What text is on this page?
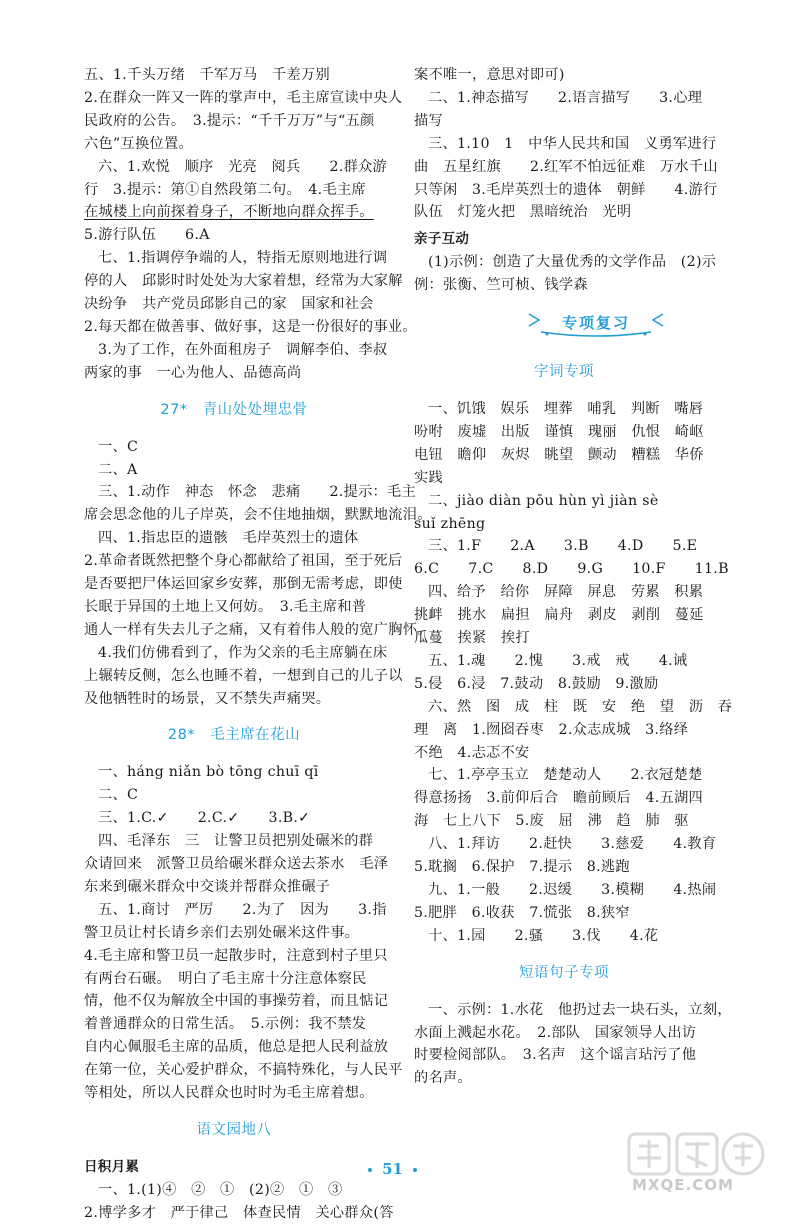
五、1.千头万绪　千军万马　千差万别
2.在群众一阵又一阵的掌声中，毛主席宣读中央人
民政府的公告。　3.提示：“千千万万”与“五颜
六色”互换位置。
六、1.欢悦　顺序　光亮　阅兵　　2.群众游
行　3.提示：第①自然段第二句。　4.毛主席
在城楼上向前探着身子，不断地向群众挥手。
5.游行队伍　　6.A
七、1.指调停争端的人，特指无原则地进行调
停的人　邱影时时处处为大家着想，经常为大家解
决纷争　共产党员邱影自己的家　国家和社会
2.每天都在做善事、做好事，这是一份很好的事业。
3.为了工作，在外面租房子　调解李伯、李叔
两家的事　一心为他人、品德高尚
27*　青山处处埋忠骨
一、C
二、A
三、1.动作　神态　怀念　悲痛　　2.提示：毛主
席会思念他的儿子岸英，会不住地抽烟，默默地流泪。
四、1.指忠臣的遗骸　毛岸英烈士的遗体
2.革命者既然把整个身心都献给了祖国，至于死后
是否要把尸体运回家乡安葬，那倒无需考虑，即使
长眠于异国的土地上又何妨。　3.毛主席和普
通人一样有失去儿子之痛，又有着伟人般的宽广胸怀。
4.我们仿佛看到了，作为父亲的毛主席躺在床
上辗转反侧，怎么也睡不着，一想到自己的儿子以
及他牺牲时的场景，又不禁失声痛哭。
28*　毛主席在花山
一、háng niǎn bò tōng chuī qī
二、C
三、1.C.✓　　2.C.✓　　3.B.✓
四、毛泽东　三　让警卫员把别处碾米的群
众请回来　派警卫员给碾米群众送去茶水　毛泽
东来到碾米群众中交谈并帮群众推碾子
五、1.商讨　严厉　　2.为了　因为　　3.指
警卫员让村长请乡亲们去别处碾米这件事。
4.毛主席和警卫员一起散步时，注意到村子里只
有两台石碾。　明白了毛主席十分注意体察民
情，他不仅为解放全中国的事操劳着，而且惦记
着普通群众的日常生活。　5.示例：我不禁发
自内心佩服毛主席的品质，他总是把人民利益放
在第一位，关心爱护群众，不搞特殊化，与人民平
等相处，所以人民群众也时时为毛主席着想。
语文园地八
日积月累
一、1.(1)④　②　①　(2)②　①　③
2.博学多才　严于律己　体查民情　关心群众(答
案不唯一，意思对即可)
二、1.神态描写　　2.语言描写　　3.心理
描写
三、1.10　1　中华人民共和国　义勇军进行
曲　五星红旗　　2.红军不怕远征难　万水千山
只等闲　3.毛岸英烈士的遗体　朝鲜　　4.游行
队伍　灯笼火把　黑暗统治　光明
亲子互动
(1)示例：创造了大量优秀的文学作品　(2)示
例：张衡、竺可桢、钱学森
字词专项
一、饥饿　娱乐　埋葬　哺乳　判断　嘴唇
吩咐　废墟　出版　谨慎　瑰丽　仇恨　崎岖
电钮　瞻仰　灰烬　眺望　颤动　糟糕　华侨
实践
二、jiào diàn pōu hùn yì jiàn sè
suǐ zhēng
三、1.F　　2.A　　3.B　　4.D　　5.E
6.C　　7.C　　8.D　　9.G　　10.F　　11.B
四、给予　给你　屏障　屏息　劳累　积累
挑衅　挑水　扁担　扁舟　剥皮　剥削　蔓延
瓜蔓　挨紧　挨打
五、1.魂　　2.愧　　3.戒　戒　　4.诫
5.侵　6.浸　7.鼓动　8.鼓励　9.激励
六、然　图　成　柱　既　安　绝　望　沥　吞
理　离　1.囫囵吞枣　2.众志成城　3.络绎
不绝　4.忐忑不安
七、1.亭亭玉立　楚楚动人　　2.衣冠楚楚
得意扬扬　3.前仰后合　瞻前顾后　4.五湖四
海　七上八下　5.废　屈　沸　趋　肺　驱
八、1.拜访　　2.赶快　　3.慈爱　　4.教育
5.耽搁　6.保护　7.提示　8.逃跑
九、1.一般　　2.迟缓　　3.模糊　　4.热闹
5.肥胖　6.收获　7.慌张　8.狭窄
十、1.园　　2.骚　　3.伐　　4.花
短语句子专项
一、示例：1.水花　他扔过去一块石头，立刻，
水面上溅起水花。　2.部队　国家领导人出访
时要检阅部队。　3.名声　这个谣言玷污了他
的名声。
专项复习
51
MXQE.COM
